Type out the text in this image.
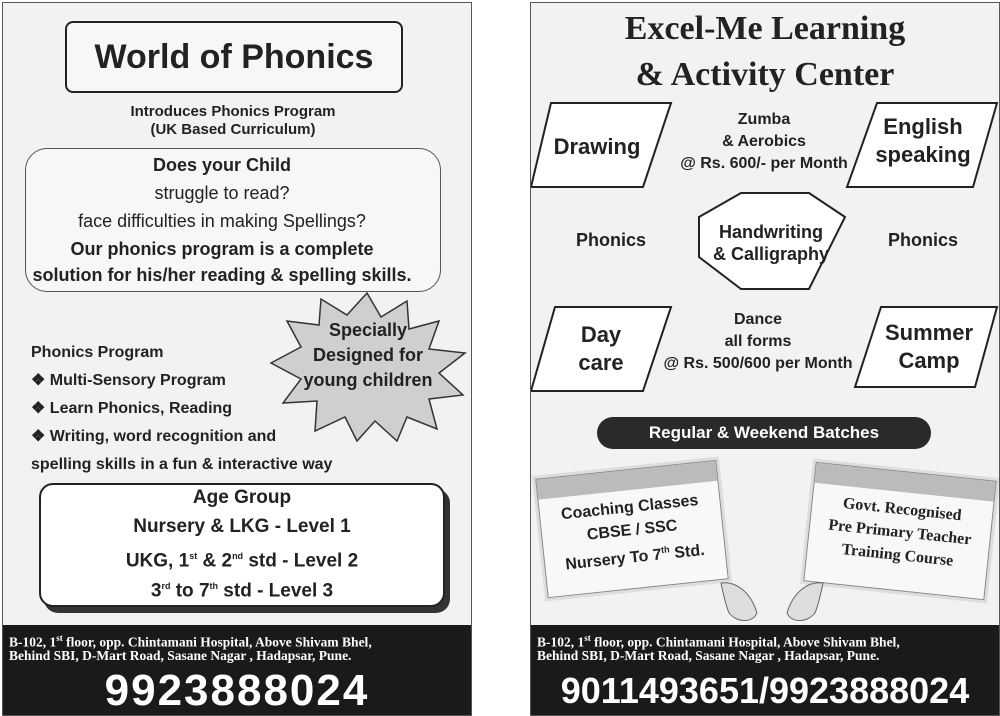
World of Phonics
Introduces Phonics Program
(UK Based Curriculum)
Does your Child
struggle to read?
face difficulties in making Spellings?
Our phonics program is a complete
solution for his/her reading & spelling skills.
Specially
Designed for
young children
Phonics Program
❖ Multi-Sensory Program
❖ Learn Phonics, Reading
❖ Writing, word recognition and
spelling skills in a fun & interactive way
Age Group
Nursery & LKG - Level 1
UKG, 1st & 2nd std - Level 2
3rd to 7th std - Level 3
B-102, 1st floor, opp. Chintamani Hospital, Above Shivam Bhel,
Behind SBI, D-Mart Road, Sasane Nagar , Hadapsar, Pune.
9923888024
Excel-Me Learning
& Activity Center
Drawing
Zumba
& Aerobics
@ Rs. 600/- per Month
English
speaking
Phonics	Handwriting
& Calligraphy
Phonics
Day
care
Dance
all forms
@ Rs. 500/600 per Month
Summer
Camp
Regular & Weekend Batches
Coaching Classes
CBSE / SSC
Nursery To 7th Std.
Govt. Recognised
Pre Primary Teacher
Training Course
B-102, 1st floor, opp. Chintamani Hospital, Above Shivam Bhel,
Behind SBI, D-Mart Road, Sasane Nagar , Hadapsar, Pune.
9011493651/9923888024
